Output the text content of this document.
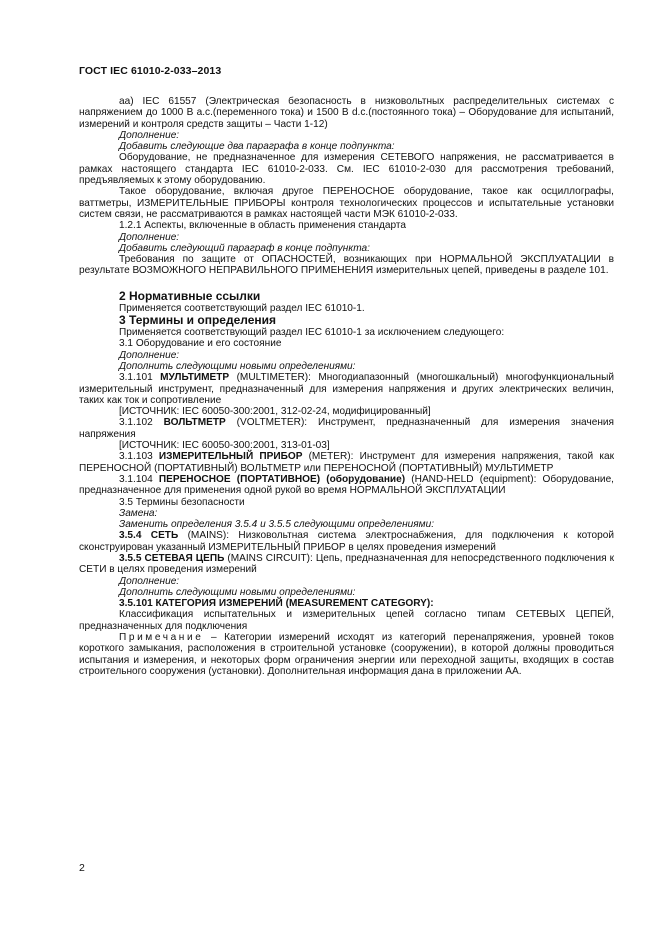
ГОСТ IEC 61010-2-033–2013

аа) IEC 61557 (Электрическая безопасность в низковольтных распределительных системах с напряжением до 1000 В a.c.(переменного тока) и 1500 В d.c.(постоянного тока) – Оборудование для испытаний, измерений и контроля средств защиты – Части 1-12)

Дополнение:

Добавить следующие два параграфа в конце подпункта:

Оборудование, не предназначенное для измерения СЕТЕВОГО напряжения, не рассматривается в рамках настоящего стандарта IEC 61010-2-033. См. IEC 61010-2-030 для рассмотрения требований, предъявляемых к этому оборудованию.

Такое оборудование, включая другое ПЕРЕНОСНОЕ оборудование, такое как осциллографы, ваттметры, ИЗМЕРИТЕЛЬНЫЕ ПРИБОРЫ контроля технологических процессов и испытательные установки систем связи, не рассматриваются в рамках настоящей части МЭК 61010-2-033.

1.2.1 Аспекты, включенные в область применения стандарта

Дополнение:

Добавить следующий параграф в конце подпункта:

Требования по защите от ОПАСНОСТЕЙ, возникающих при НОРМАЛЬНОЙ ЭКСПЛУАТАЦИИ в результате ВОЗМОЖНОГО НЕПРАВИЛЬНОГО ПРИМЕНЕНИЯ измерительных цепей, приведены в разделе 101.

2 Нормативные ссылки

Применяется соответствующий раздел IEC 61010-1.

3 Термины и определения

Применяется соответствующий раздел IEC 61010-1 за исключением следующего:

3.1 Оборудование и его состояние

Дополнение:

Дополнить следующими новыми определениями:

3.1.101 МУЛЬТИМЕТР (MULTIMETER): Многодиапазонный (многошкальный) многофункциональный измерительный инструмент, предназначенный для измерения напряжения и других электрических величин, таких как ток и сопротивление

[ИСТОЧНИК: IEC 60050-300:2001, 312-02-24, модифицированный]

3.1.102 ВОЛЬТМЕТР (VOLTMETER): Инструмент, предназначенный для измерения значения напряжения

[ИСТОЧНИК: IEC 60050-300:2001, 313-01-03]

3.1.103 ИЗМЕРИТЕЛЬНЫЙ ПРИБОР (METER): Инструмент для измерения напряжения, такой как ПЕРЕНОСНОЙ (ПОРТАТИВНЫЙ) ВОЛЬТМЕТР или ПЕРЕНОСНОЙ (ПОРТАТИВНЫЙ) МУЛЬТИМЕТР

3.1.104 ПЕРЕНОСНОЕ (ПОРТАТИВНОЕ) (оборудование) (HAND-HELD (equipment): Оборудование, предназначенное для применения одной рукой во время НОРМАЛЬНОЙ ЭКСПЛУАТАЦИИ

3.5 Термины безопасности

Замена:

Заменить определения 3.5.4 и 3.5.5 следующими определениями:

3.5.4 СЕТЬ (MAINS): Низковольтная система электроснабжения, для подключения к которой сконструирован указанный ИЗМЕРИТЕЛЬНЫЙ ПРИБОР в целях проведения измерений

3.5.5 СЕТЕВАЯ ЦЕПЬ (MAINS CIRCUIT): Цепь, предназначенная для непосредственного подключения к СЕТИ в целях проведения измерений

Дополнение:

Дополнить следующими новыми определениями:

3.5.101 КАТЕГОРИЯ ИЗМЕРЕНИЙ (MEASUREMENT CATEGORY):

Классификация испытательных и измерительных цепей согласно типам СЕТЕВЫХ ЦЕПЕЙ, предназначенных для подключения

Примечание – Категории измерений исходят из категорий перенапряжения, уровней токов короткого замыкания, расположения в строительной установке (сооружении), в которой должны проводиться испытания и измерения, и некоторых форм ограничения энергии или переходной защиты, входящих в состав строительного сооружения (установки). Дополнительная информация дана в приложении АА.

2
